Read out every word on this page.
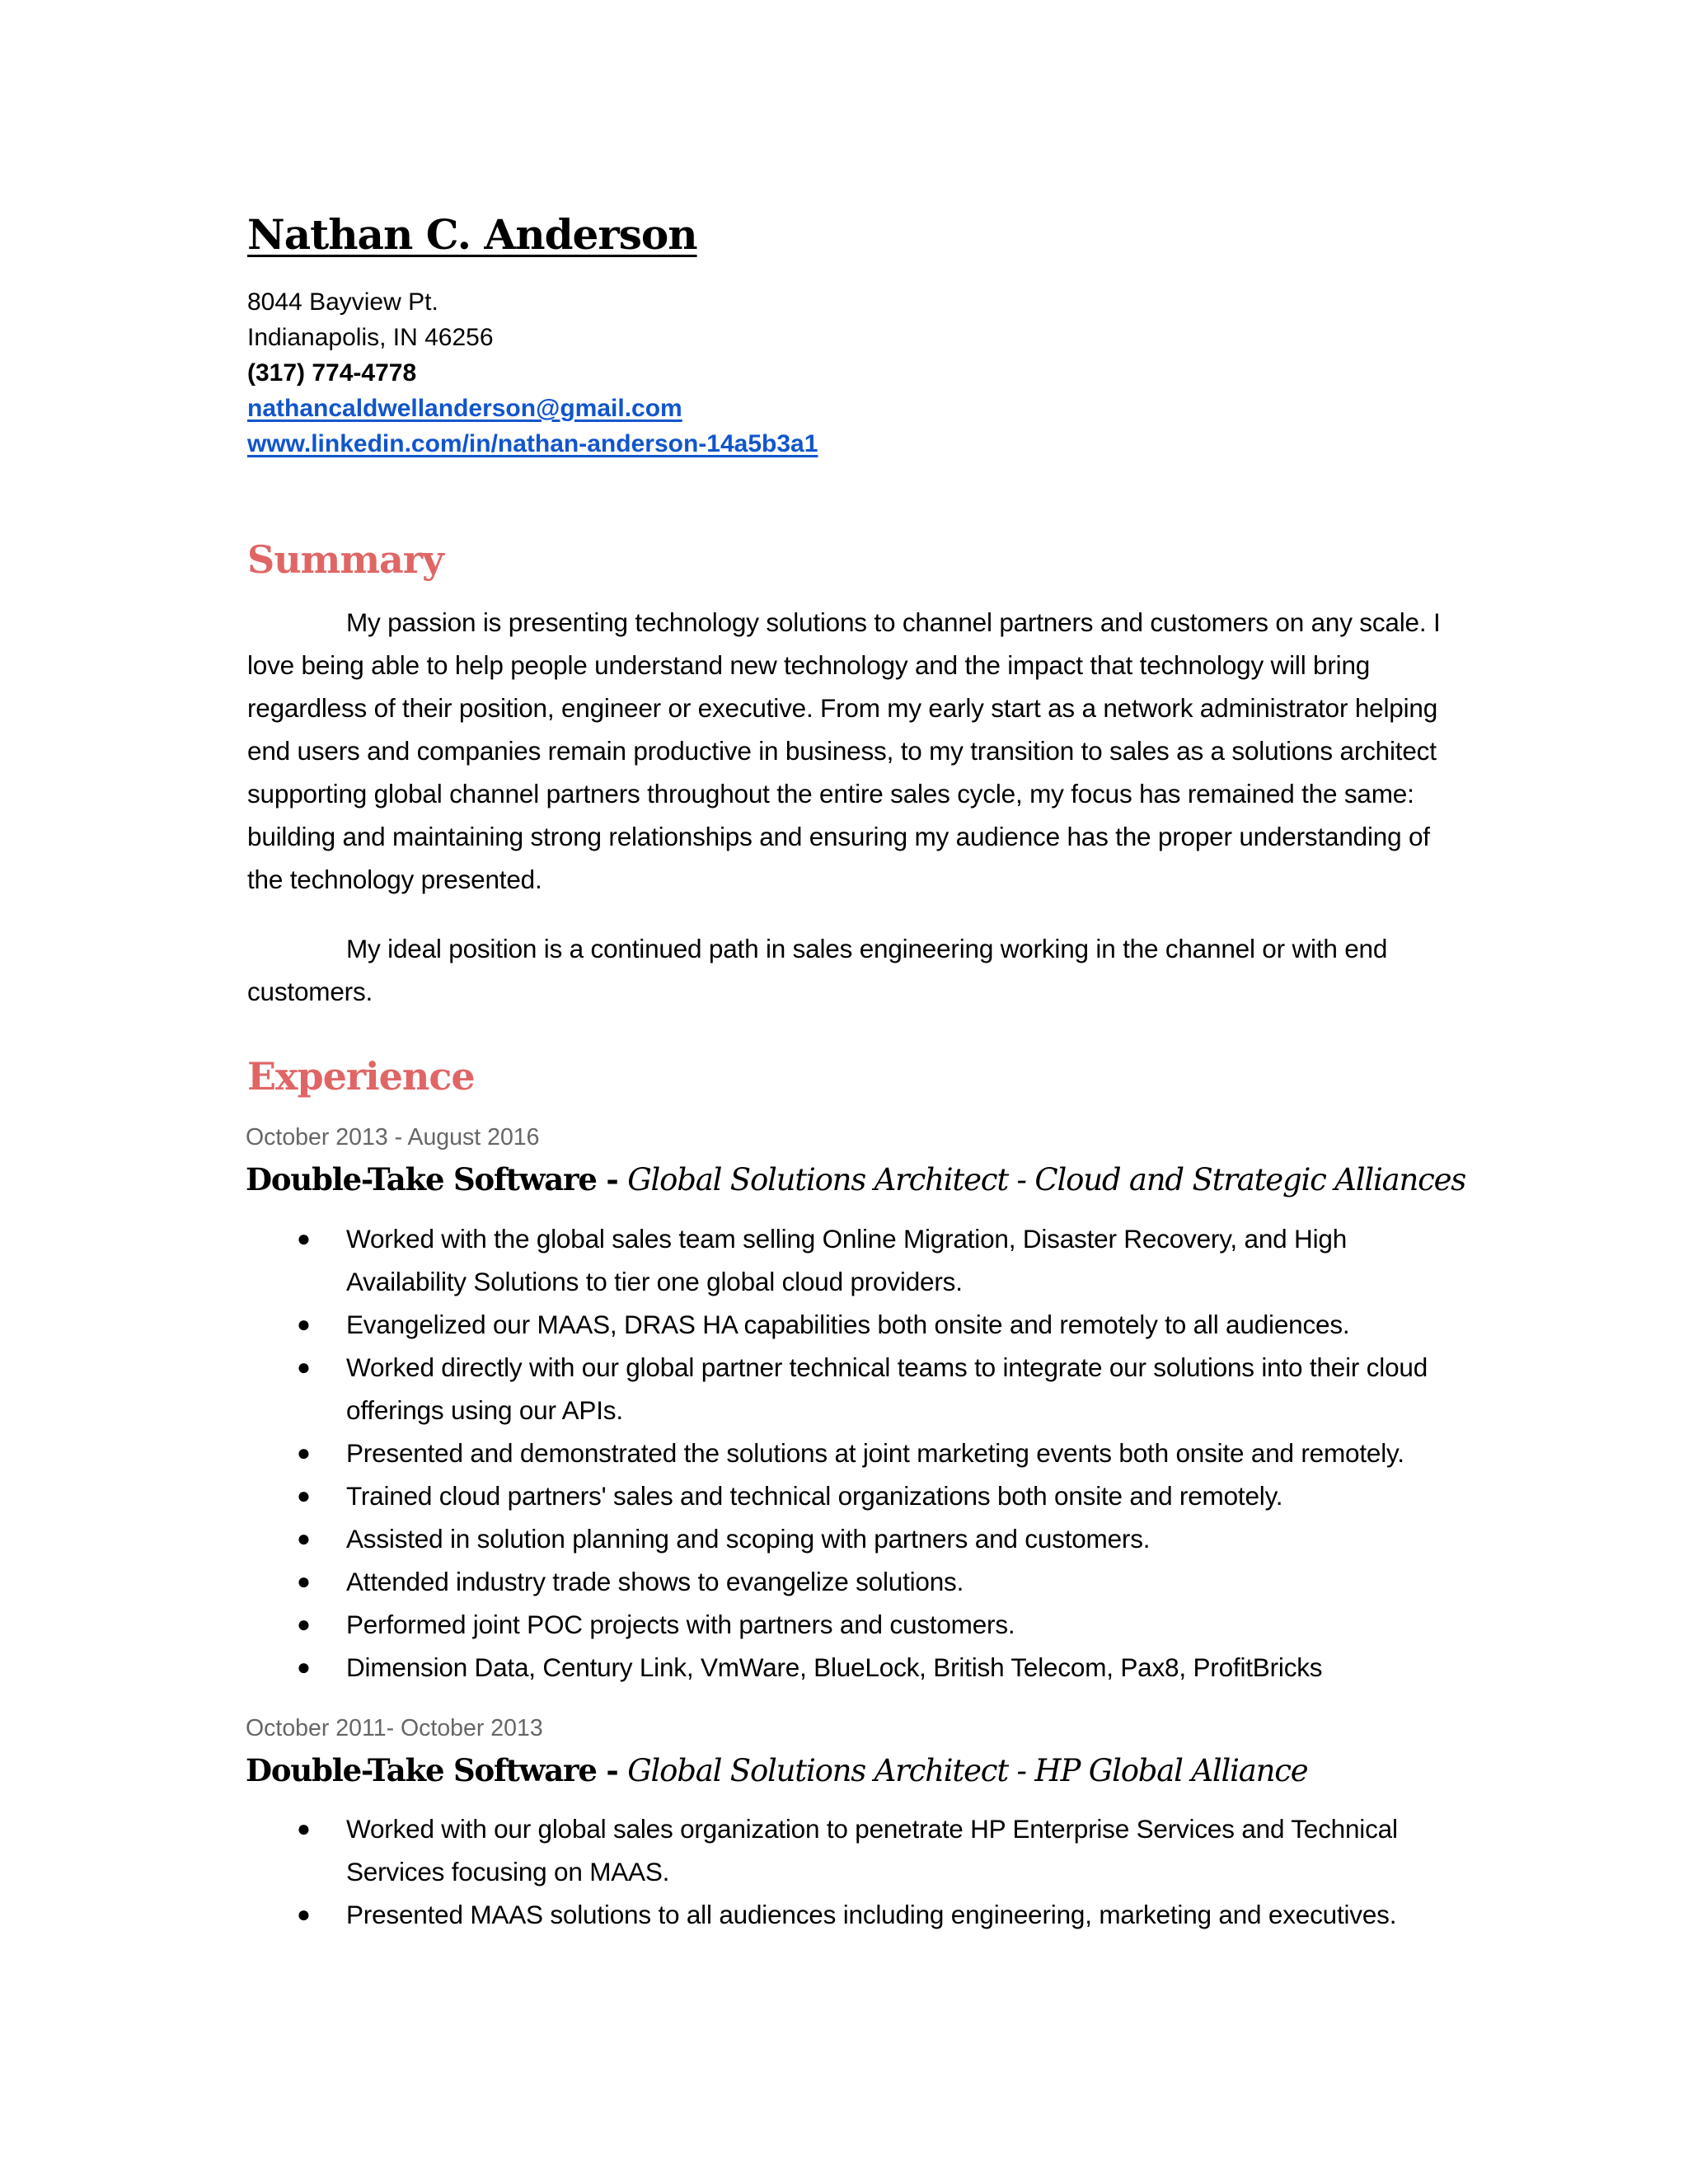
Nathan C. Anderson
8044 Bayview Pt.
Indianapolis, IN 46256
(317) 774-4778
nathancaldwellanderson@gmail.com
www.linkedin.com/in/nathan-anderson-14a5b3a1
Summary

My passion is presenting technology solutions to channel partners and customers on any scale. I love being able to help people understand new technology and the impact that technology will bring regardless of their position, engineer or executive. From my early start as a network administrator helping end users and companies remain productive in business, to my transition to sales as a solutions architect supporting global channel partners throughout the entire sales cycle, my focus has remained the same: building and maintaining strong relationships and ensuring my audience has the proper understanding of the technology presented.

My ideal position is a continued path in sales engineering working in the channel or with end customers.

Experience
October 2013 - August 2016
Double-Take Software - Global Solutions Architect - Cloud and Strategic Alliances
● Worked with the global sales team selling Online Migration, Disaster Recovery, and High Availability Solutions to tier one global cloud providers.
● Evangelized our MAAS, DRAS HA capabilities both onsite and remotely to all audiences.
● Worked directly with our global partner technical teams to integrate our solutions into their cloud offerings using our APIs.
● Presented and demonstrated the solutions at joint marketing events both onsite and remotely.
● Trained cloud partners' sales and technical organizations both onsite and remotely.
● Assisted in solution planning and scoping with partners and customers.
● Attended industry trade shows to evangelize solutions.
● Performed joint POC projects with partners and customers.
● Dimension Data, Century Link, VmWare, BlueLock, British Telecom, Pax8, ProfitBricks
October 2011- October 2013
Double-Take Software - Global Solutions Architect - HP Global Alliance
● Worked with our global sales organization to penetrate HP Enterprise Services and Technical Services focusing on MAAS.
● Presented MAAS solutions to all audiences including engineering, marketing and executives.
